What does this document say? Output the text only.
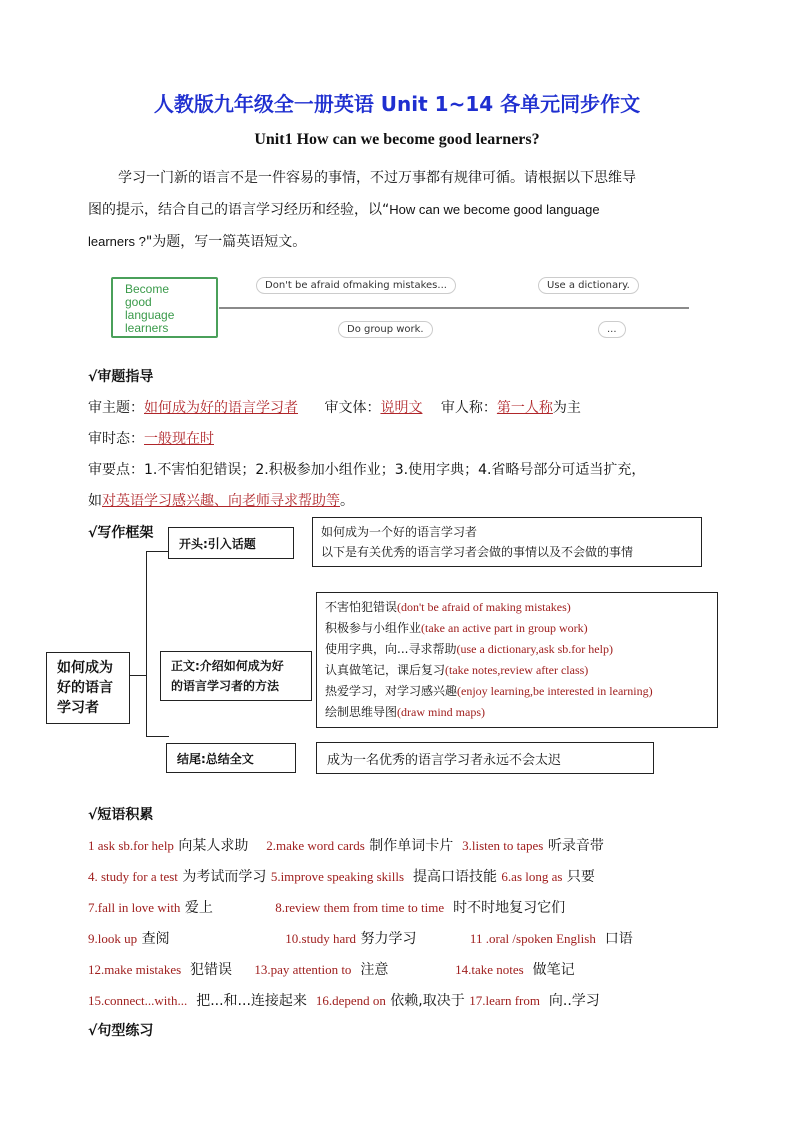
人教版九年级全一册英语 Unit 1~14 各单元同步作文
Unit1 How can we become good learners?
学习一门新的语言不是一件容易的事情，不过万事都有规律可循。请根据以下思维导
图的提示，结合自己的语言学习经历和经验，以“How can we become good language
learners ?"为题，写一篇英语短文。
Become
good
language
learners
Don't be afraid ofmaking mistakes...	Use a dictionary.
Do group work.	...
√审题指导
审主题：如何成为好的语言学习者 审文体：说明文 审人称：第一人称为主
审时态：一般现在时
审要点：1.不害怕犯错误；2.积极参加小组作业；3.使用字典；4.省略号部分可适当扩充，
如对英语学习感兴趣、向老师寻求帮助等。
√写作框架
如何成为
好的语言
学习者
开头:引入话题
如何成为一个好的语言学习者
以下是有关优秀的语言学习者会做的事情以及不会做的事情
正文:介绍如何成为好
的语言学习者的方法
不害怕犯错误(don't be afraid of making mistakes)
积极参与小组作业(take an active part in group work)
使用字典，向...寻求帮助(use a dictionary,ask sb.for help)
认真做笔记，课后复习(take notes,review after class)
热爱学习，对学习感兴趣(enjoy learning,be interested in learning)
绘制思维导图(draw mind maps)
结尾:总结全文	成为一名优秀的语言学习者永远不会太迟
√短语积累
1 ask sb.for help 向某人求助    2.make word cards 制作单词卡片  3.listen to tapes 听录音带
4. study for a test 为考试而学习 5.improve speaking skills  提高口语技能 6.as long as 只要
7.fall in love with 爱上              8.review them from time to time  时不时地复习它们
9.look up 查阅                          10.study hard 努力学习            11 .oral /spoken English  口语
12.make mistakes  犯错误     13.pay attention to  注意               14.take notes  做笔记
15.connect...with...  把...和...连接起来  16.depend on 依赖,取决于 17.learn from  向..学习
√句型练习
